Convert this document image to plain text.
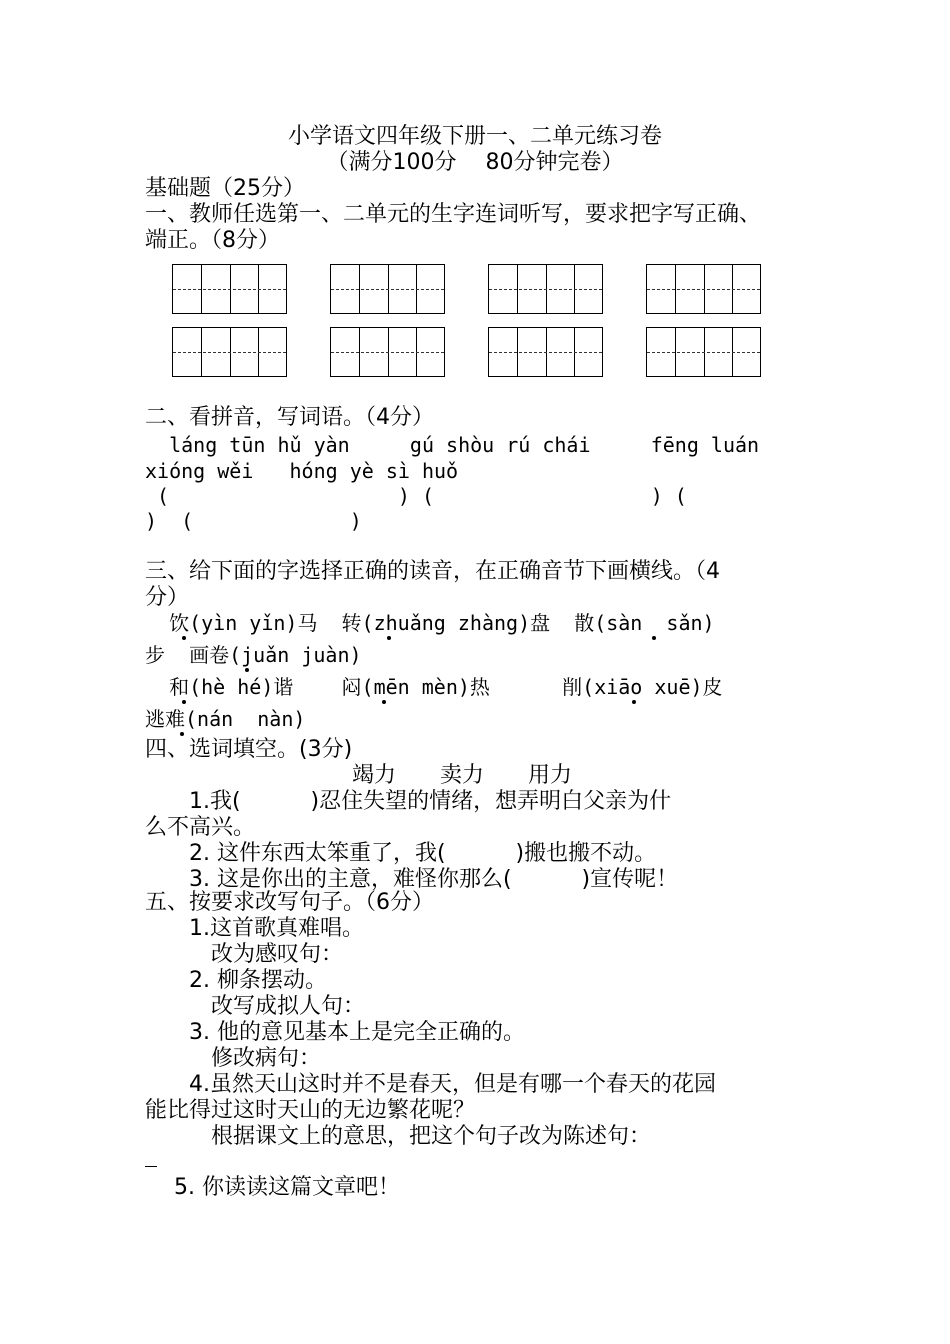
小学语文四年级下册一、二单元练习卷
（满分100分　 80分钟完卷）
基础题（25分）
一、教师任选第一、二单元的生字连词听写，要求把字写正确、
端正。（8分）
二、看拼音，写词语。（4分）
láng tūn hǔ yàn     gú shòu rú chái     fēng luán
xióng wěi   hóng yè sì huǒ
(                   ) (                  ) (
)  (             )
三、给下面的字选择正确的读音，在正确音节下画横线。（4
分）
饮(yìn yǐn)马  转(zhuǎng zhàng)盘  散(sàn  sǎn)
步  画卷(juǎn juàn)
和(hè hé)谐    闷(mēn mèn)热      削(xiāo xuē)皮
逃难(nán  nàn)
四、选词填空。(3分)
竭力　　卖力　　用力
　　1.我(          )忍住失望的情绪，想弄明白父亲为什
么不高兴。
　　2. 这件东西太笨重了，我(          )搬也搬不动。
　　3. 这是你出的主意，难怪你那么(          )宣传呢！
五、按要求改写句子。（6分）
　　1.这首歌真难唱。
　　　改为感叹句：
　　2. 柳条摆动。
　　　改写成拟人句：
　　3. 他的意见基本上是完全正确的。
　　　修改病句：
　　4.虽然天山这时并不是春天，但是有哪一个春天的花园
能比得过这时天山的无边繁花呢？
　　　根据课文上的意思，把这个句子改为陈述句：
　 5. 你读读这篇文章吧！
